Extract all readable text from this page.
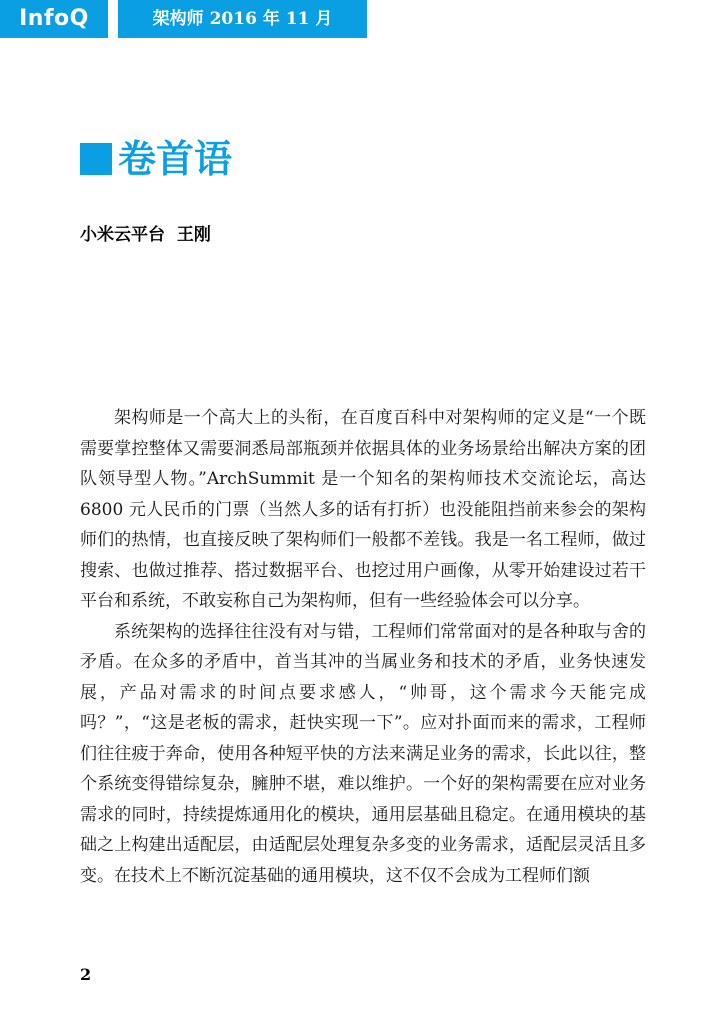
InfoQ	架构师 2016 年 11 月
卷首语
小米云平台  王刚

架构师是一个高大上的头衔，在百度百科中对架构师的定义是“一个既需要掌控整体又需要洞悉局部瓶颈并依据具体的业务场景给出解决方案的团队领导型人物。”ArchSummit 是一个知名的架构师技术交流论坛，高达 6800 元人民币的门票（当然人多的话有打折）也没能阻挡前来参会的架构师们的热情，也直接反映了架构师们一般都不差钱。我是一名工程师，做过搜索、也做过推荐、搭过数据平台、也挖过用户画像，从零开始建设过若干平台和系统，不敢妄称自己为架构师，但有一些经验体会可以分享。

系统架构的选择往往没有对与错，工程师们常常面对的是各种取与舍的矛盾。在众多的矛盾中，首当其冲的当属业务和技术的矛盾，业务快速发展，产品对需求的时间点要求感人，“帅哥，这个需求今天能完成吗？”，“这是老板的需求，赶快实现一下”。应对扑面而来的需求，工程师们往往疲于奔命，使用各种短平快的方法来满足业务的需求，长此以往，整个系统变得错综复杂，臃肿不堪，难以维护。一个好的架构需要在应对业务需求的同时，持续提炼通用化的模块，通用层基础且稳定。在通用模块的基础之上构建出适配层，由适配层处理复杂多变的业务需求，适配层灵活且多变。在技术上不断沉淀基础的通用模块，这不仅不会成为工程师们额

2
